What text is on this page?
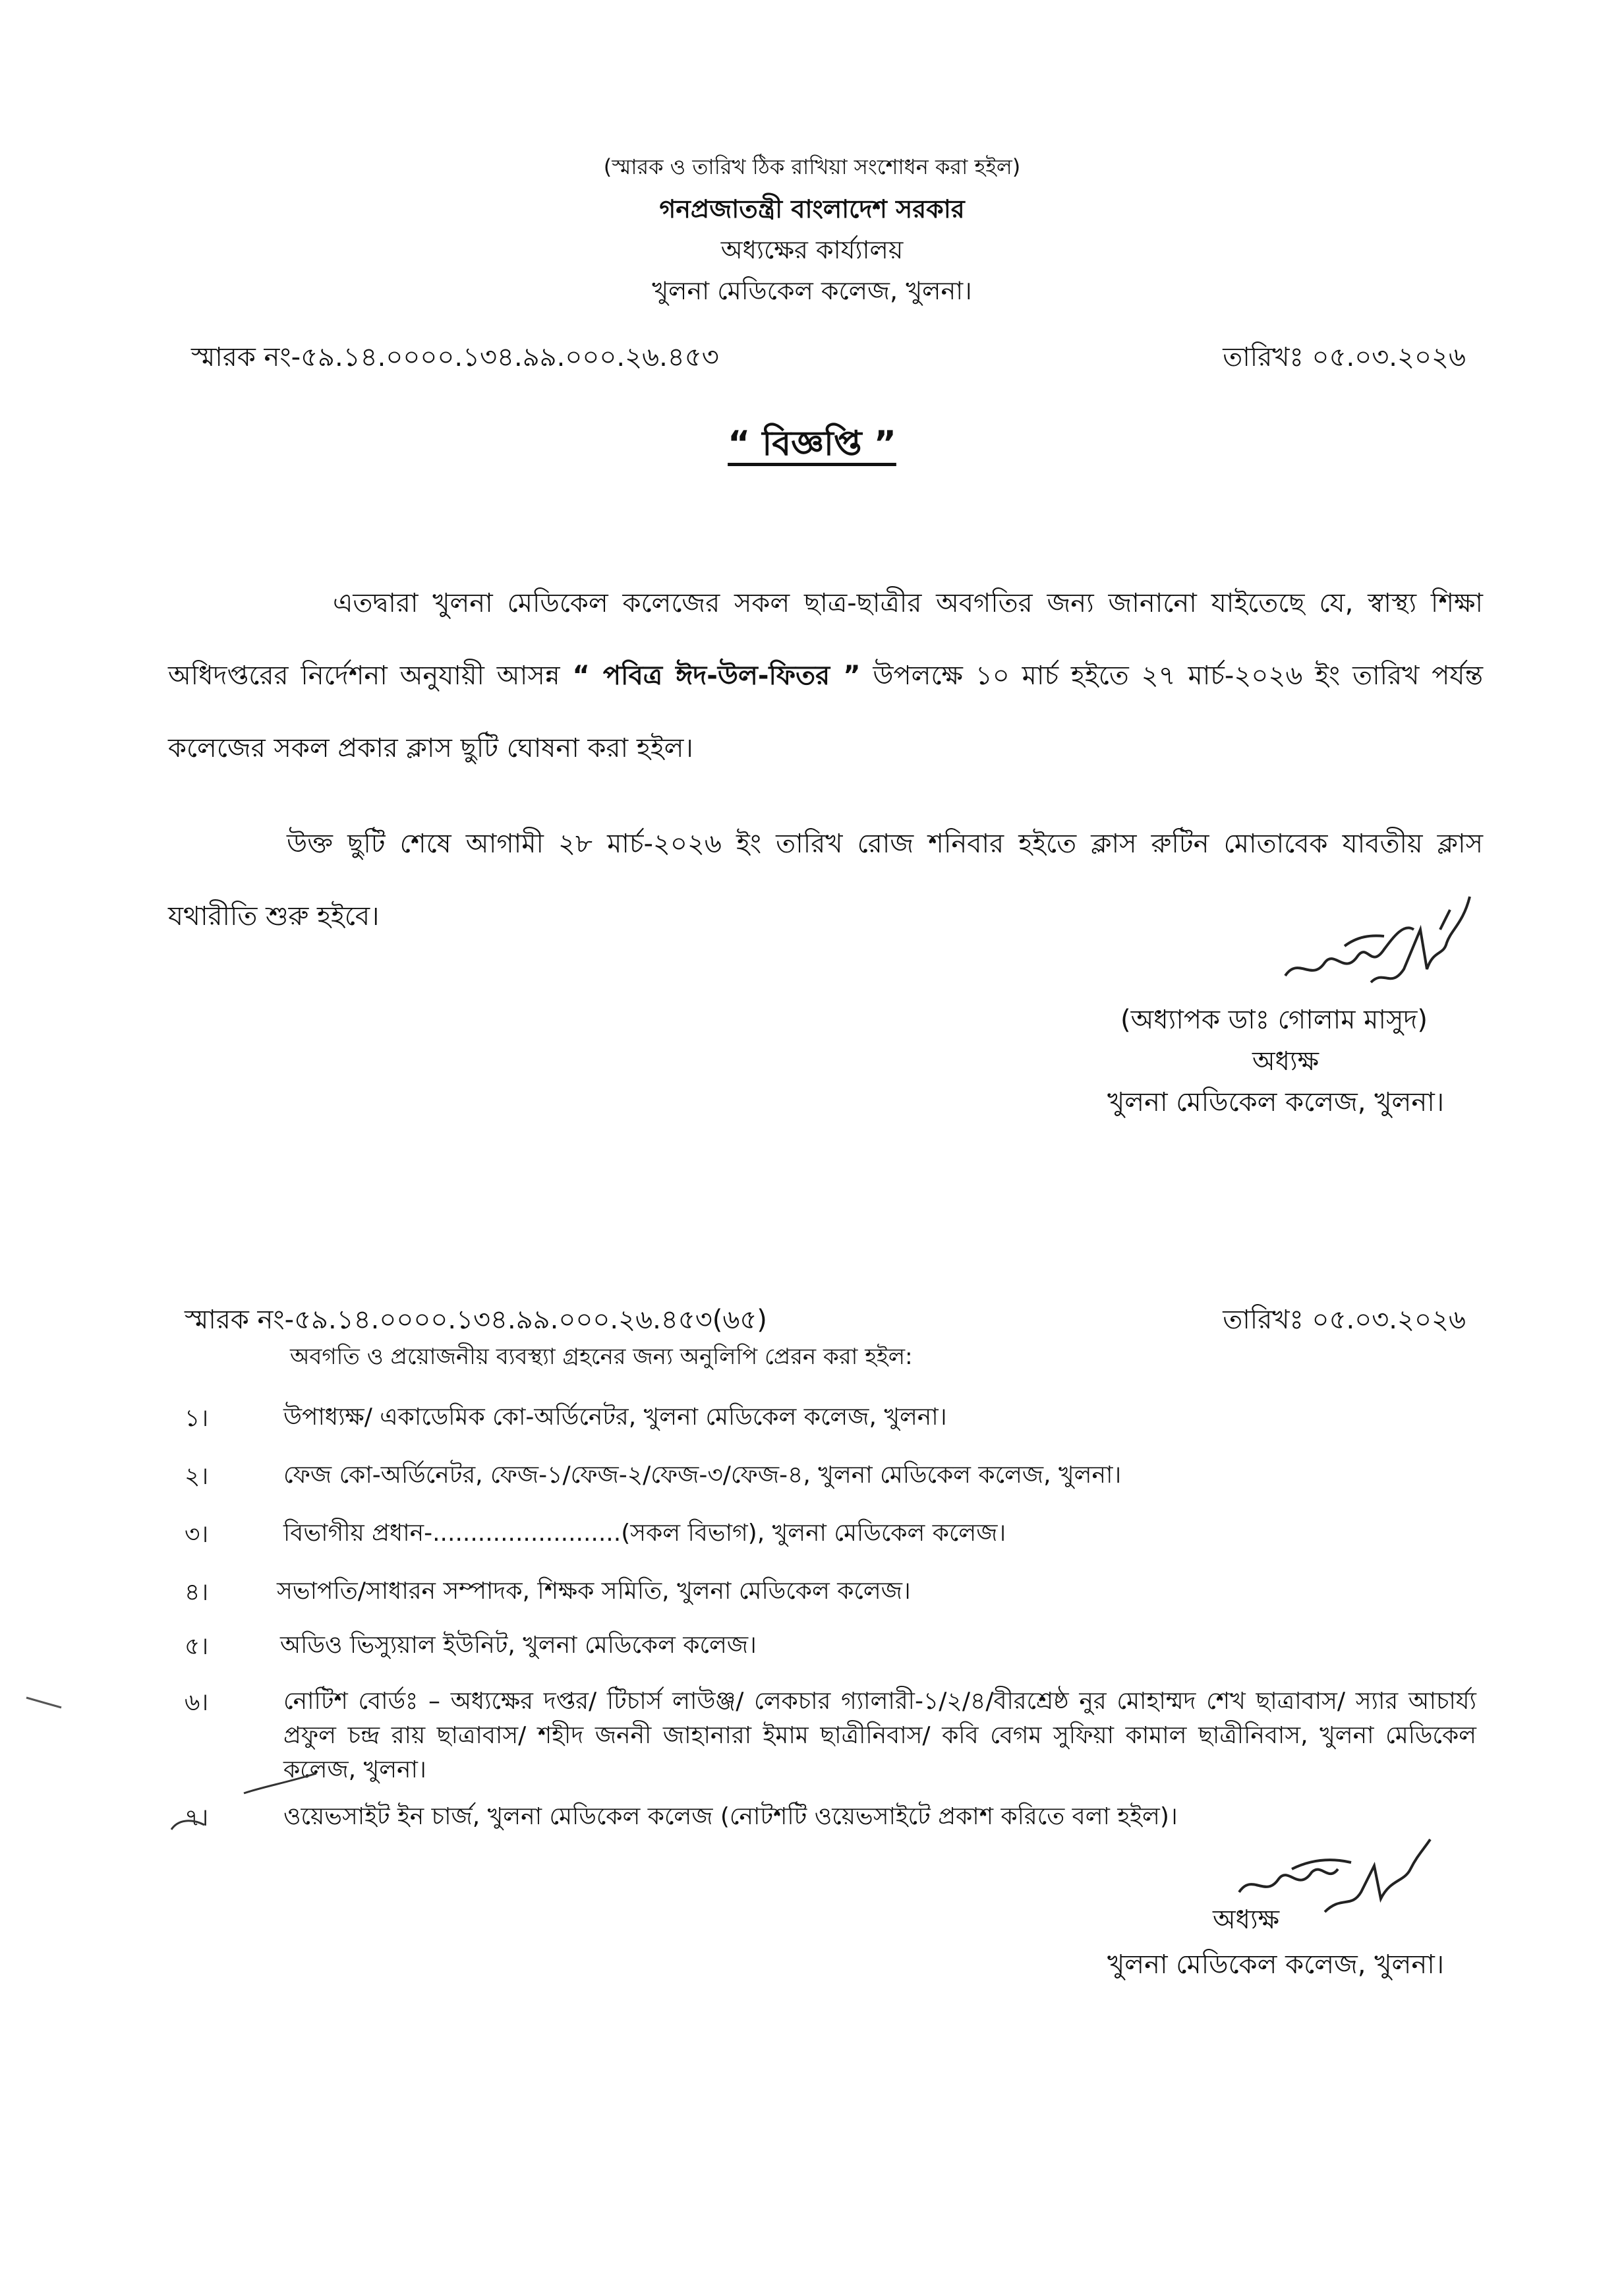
(স্মারক ও তারিখ ঠিক রাখিয়া সংশোধন করা হইল)
গনপ্রজাতন্ত্রী বাংলাদেশ সরকার
অধ্যক্ষের কার্য্যালয়
খুলনা মেডিকেল কলেজ, খুলনা।
স্মারক নং-৫৯.১৪.০০০০.১৩৪.৯৯.০০০.২৬.৪৫৩	তারিখঃ ০৫.০৩.২০২৬
“ বিজ্ঞপ্তি ”
এতদ্বারা খুলনা মেডিকেল কলেজের সকল ছাত্র-ছাত্রীর অবগতির জন্য জানানো যাইতেছে যে, স্বাস্থ্য শিক্ষা অধিদপ্তরের নির্দেশনা অনুযায়ী আসন্ন “ পবিত্র ঈদ-উল-ফিতর ” উপলক্ষে ১০ মার্চ হইতে ২৭ মার্চ-২০২৬ ইং তারিখ পর্যন্ত কলেজের সকল প্রকার ক্লাস ছুটি ঘোষনা করা হইল।
উক্ত ছুটি শেষে আগামী ২৮ মার্চ-২০২৬ ইং তারিখ রোজ শনিবার হইতে ক্লাস রুটিন মোতাবেক যাবতীয় ক্লাস যথারীতি শুরু হইবে।
(অধ্যাপক ডাঃ গোলাম মাসুদ)
অধ্যক্ষ
খুলনা মেডিকেল কলেজ, খুলনা।
স্মারক নং-৫৯.১৪.০০০০.১৩৪.৯৯.০০০.২৬.৪৫৩(৬৫)	তারিখঃ ০৫.০৩.২০২৬
অবগতি ও প্রয়োজনীয় ব্যবস্থ্যা গ্রহনের জন্য অনুলিপি প্রেরন করা হইল:
১।	উপাধ্যক্ষ/ একাডেমিক কো-অর্ডিনেটর, খুলনা মেডিকেল কলেজ, খুলনা।
২।	ফেজ কো-অর্ডিনেটর, ফেজ-১/ফেজ-২/ফেজ-৩/ফেজ-৪, খুলনা মেডিকেল কলেজ, খুলনা।
৩।	বিভাগীয় প্রধান-.........................(সকল বিভাগ), খুলনা মেডিকেল কলেজ।
৪।	সভাপতি/সাধারন সম্পাদক, শিক্ষক সমিতি, খুলনা মেডিকেল কলেজ।
৫।	অডিও ভিস্যুয়াল ইউনিট, খুলনা মেডিকেল কলেজ।
৬।	নোটিশ বোর্ডঃ – অধ্যক্ষের দপ্তর/ টিচার্স লাউঞ্জ/ লেকচার গ্যালারী-১/২/৪/বীরশ্রেষ্ঠ নুর মোহাম্মদ শেখ ছাত্রাবাস/ স্যার আচার্য্য প্রফুল চন্দ্র রায় ছাত্রাবাস/ শহীদ জননী জাহানারা ইমাম ছাত্রীনিবাস/ কবি বেগম সুফিয়া কামাল ছাত্রীনিবাস, খুলনা মেডিকেল কলেজ, খুলনা।
৭।	ওয়েভসাইট ইন চার্জ, খুলনা মেডিকেল কলেজ (নোটশটি ওয়েভসাইটে প্রকাশ করিতে বলা হইল)।
অধ্যক্ষ
খুলনা মেডিকেল কলেজ, খুলনা।
